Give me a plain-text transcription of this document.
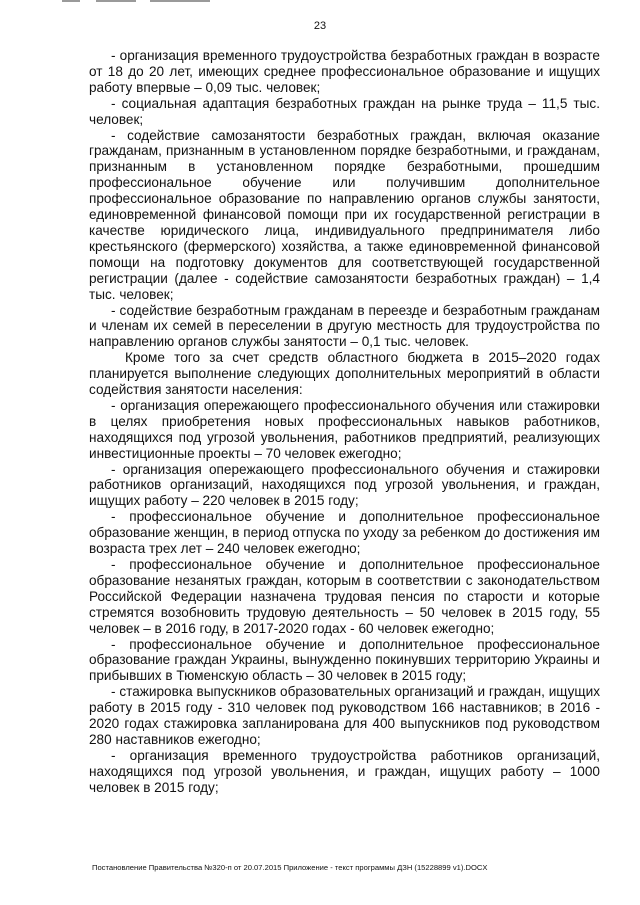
23

- организация временного трудоустройства безработных граждан в возрасте от 18 до 20 лет, имеющих среднее профессиональное образование и ищущих работу впервые – 0,09 тыс. человек;

- социальная адаптация безработных граждан на рынке труда – 11,5 тыс. человек;

- содействие самозанятости безработных граждан, включая оказание гражданам, признанным в установленном порядке безработными, и гражданам, признанным в установленном порядке безработными, прошедшим профессиональное обучение или получившим дополнительное профессиональное образование по направлению органов службы занятости, единовременной финансовой помощи при их государственной регистрации в качестве юридического лица, индивидуального предпринимателя либо крестьянского (фермерского) хозяйства, а также единовременной финансовой помощи на подготовку документов для соответствующей государственной регистрации (далее - содействие самозанятости безработных граждан) – 1,4 тыс. человек;

- содействие безработным гражданам в переезде и безработным гражданам и членам их семей в переселении в другую местность для трудоустройства по направлению органов службы занятости – 0,1 тыс. человек.

Кроме того за счет средств областного бюджета в 2015–2020 годах планируется выполнение следующих дополнительных мероприятий в области содействия занятости населения:

- организация опережающего профессионального обучения или стажировки в целях приобретения новых профессиональных навыков работников, находящихся под угрозой увольнения, работников предприятий, реализующих инвестиционные проекты – 70 человек ежегодно;

- организация опережающего профессионального обучения и стажировки работников организаций, находящихся под угрозой увольнения, и граждан, ищущих работу – 220 человек в 2015 году;

- профессиональное обучение и дополнительное профессиональное образование женщин, в период отпуска по уходу за ребенком до достижения им возраста трех лет – 240 человек ежегодно;

- профессиональное обучение и дополнительное профессиональное образование незанятых граждан, которым в соответствии с законодательством Российской Федерации назначена трудовая пенсия по старости и которые стремятся возобновить трудовую деятельность – 50 человек в 2015 году, 55 человек – в 2016 году, в 2017-2020 годах - 60 человек ежегодно;

- профессиональное обучение и дополнительное профессиональное образование граждан Украины, вынужденно покинувших территорию Украины и прибывших в Тюменскую область – 30 человек в 2015 году;

- стажировка выпускников образовательных организаций и граждан, ищущих работу в 2015 году - 310 человек под руководством 166 наставников; в 2016 - 2020 годах стажировка запланирована для 400 выпускников под руководством 280 наставников ежегодно;

- организация временного трудоустройства работников организаций, находящихся под угрозой увольнения, и граждан, ищущих работу – 1000 человек в 2015 году;

Постановление Правительства №320-п от 20.07.2015 Приложение - текст программы ДЗН (15228899 v1).DOCX
